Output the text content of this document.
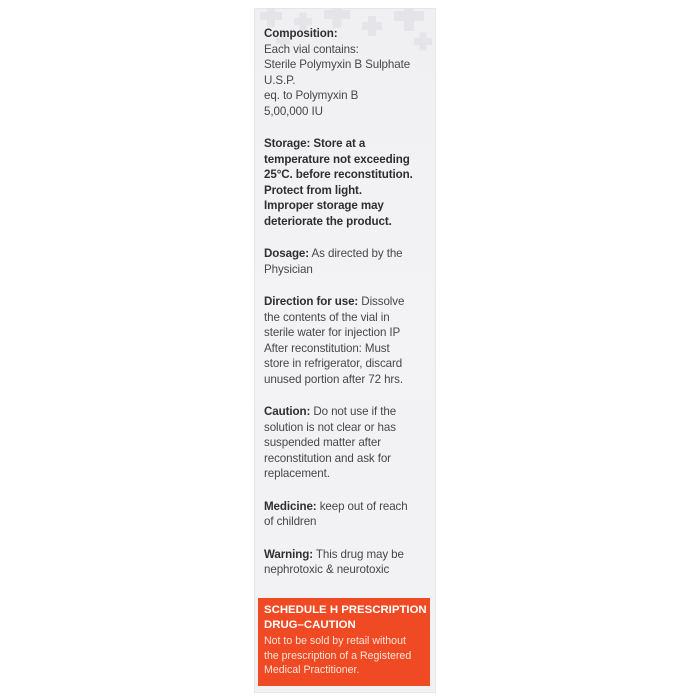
Composition:
Each vial contains:
Sterile Polymyxin B Sulphate
U.S.P.
eq. to Polymyxin B
5,00,000 IU
Storage: Store at a
temperature not exceeding
25°C. before reconstitution.
Protect from light.
Improper storage may
deteriorate the product.
Dosage: As directed by the
Physician
Direction for use: Dissolve
the contents of the vial in
sterile water for injection IP
After reconstitution: Must
store in refrigerator, discard
unused portion after 72 hrs.
Caution: Do not use if the
solution is not clear or has
suspended matter after
reconstitution and ask for
replacement.
Medicine: keep out of reach
of children
Warning: This drug may be
nephrotoxic & neurotoxic
SCHEDULE H PRESCRIPTION
DRUG–CAUTION
Not to be sold by retail without
the prescription of a Registered
Medical Practitioner.
